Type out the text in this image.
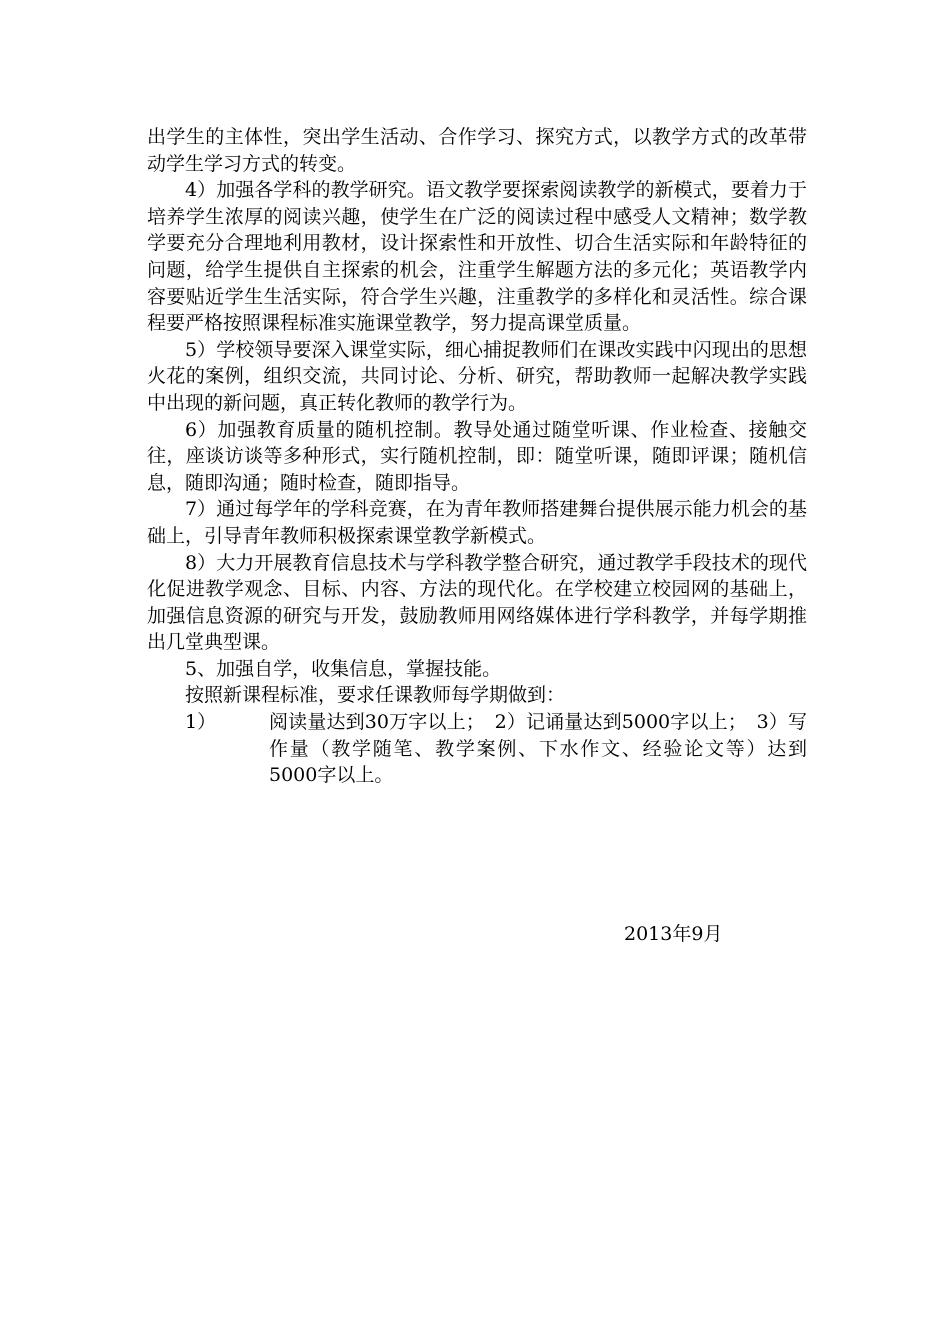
出学生的主体性，突出学生活动、合作学习、探究方式，以教学方式的改革带动学生学习方式的转变。

4）加强各学科的教学研究。语文教学要探索阅读教学的新模式，要着力于培养学生浓厚的阅读兴趣，使学生在广泛的阅读过程中感受人文精神；数学教学要充分合理地利用教材，设计探索性和开放性、切合生活实际和年龄特征的问题，给学生提供自主探索的机会，注重学生解题方法的多元化；英语教学内容要贴近学生生活实际，符合学生兴趣，注重教学的多样化和灵活性。综合课程要严格按照课程标准实施课堂教学，努力提高课堂质量。

5）学校领导要深入课堂实际，细心捕捉教师们在课改实践中闪现出的思想火花的案例，组织交流，共同讨论、分析、研究，帮助教师一起解决教学实践中出现的新问题，真正转化教师的教学行为。

6）加强教育质量的随机控制。教导处通过随堂听课、作业检查、接触交往，座谈访谈等多种形式，实行随机控制，即：随堂听课，随即评课；随机信息，随即沟通；随时检查，随即指导。

7）通过每学年的学科竞赛，在为青年教师搭建舞台提供展示能力机会的基础上，引导青年教师积极探索课堂教学新模式。

8）大力开展教育信息技术与学科教学整合研究，通过教学手段技术的现代化促进教学观念、目标、内容、方法的现代化。在学校建立校园网的基础上，加强信息资源的研究与开发，鼓励教师用网络媒体进行学科教学，并每学期推出几堂典型课。

5、加强自学，收集信息，掌握技能。

按照新课程标准，要求任课教师每学期做到：

1）	阅读量达到30万字以上；　2）记诵量达到5000字以上；　3）写作量（教学随笔、教学案例、下水作文、经验论文等）达到5000字以上。
2013年9月
